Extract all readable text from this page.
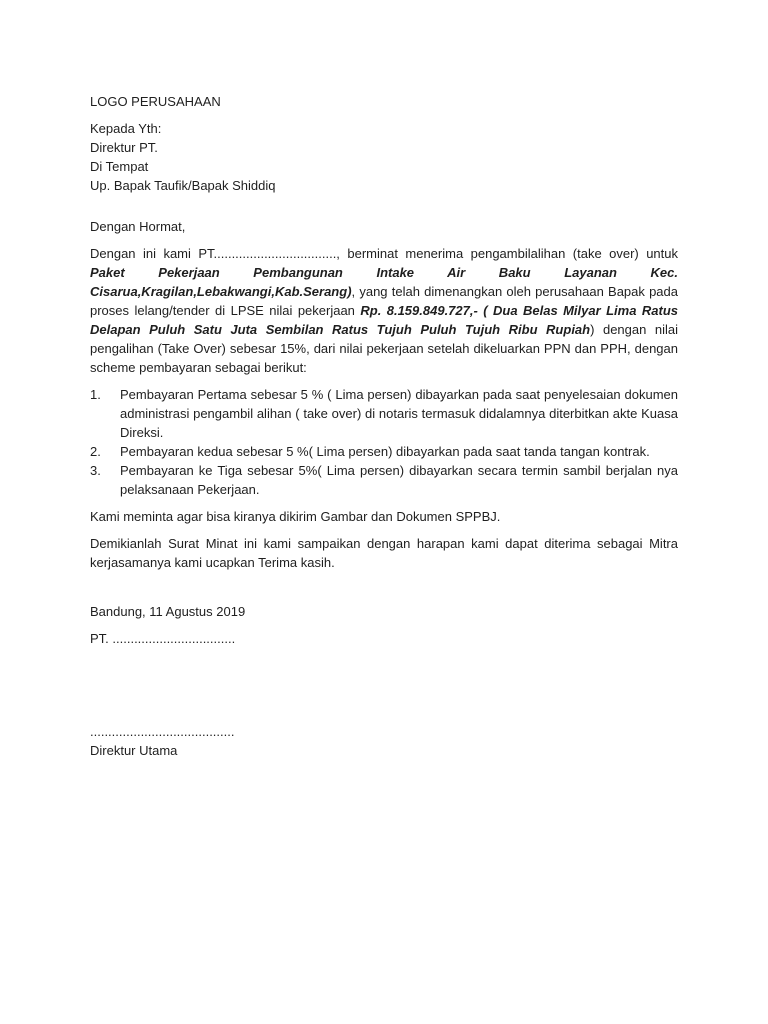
LOGO PERUSAHAAN

Kepada Yth:

Direktur PT.

Di Tempat

Up. Bapak Taufik/Bapak Shiddiq

Dengan Hormat,

Dengan ini kami PT.................................., berminat menerima pengambilalihan (take over) untuk Paket Pekerjaan Pembangunan Intake Air Baku Layanan Kec. Cisarua,Kragilan,Lebakwangi,Kab.Serang), yang telah dimenangkan oleh perusahaan Bapak pada proses lelang/tender di LPSE nilai pekerjaan Rp. 8.159.849.727,- ( Dua Belas Milyar Lima Ratus Delapan Puluh Satu Juta Sembilan Ratus Tujuh Puluh Tujuh Ribu Rupiah) dengan nilai pengalihan (Take Over) sebesar 15%, dari nilai pekerjaan setelah dikeluarkan PPN dan PPH, dengan scheme pembayaran sebagai berikut:

1.	Pembayaran Pertama sebesar 5 % ( Lima persen) dibayarkan pada saat penyelesaian dokumen administrasi pengambil alihan ( take over) di notaris termasuk didalamnya diterbitkan akte Kuasa Direksi.
2.	Pembayaran kedua sebesar 5 %( Lima persen) dibayarkan pada saat tanda tangan kontrak.
3.	Pembayaran ke Tiga sebesar 5%( Lima persen) dibayarkan secara termin sambil berjalan nya pelaksanaan Pekerjaan.

Kami meminta agar bisa kiranya dikirim Gambar dan Dokumen SPPBJ.

Demikianlah Surat Minat ini kami sampaikan dengan harapan kami dapat diterima sebagai Mitra kerjasamanya kami ucapkan Terima kasih.

Bandung, 11 Agustus 2019

PT. ..................................

........................................

Direktur Utama
